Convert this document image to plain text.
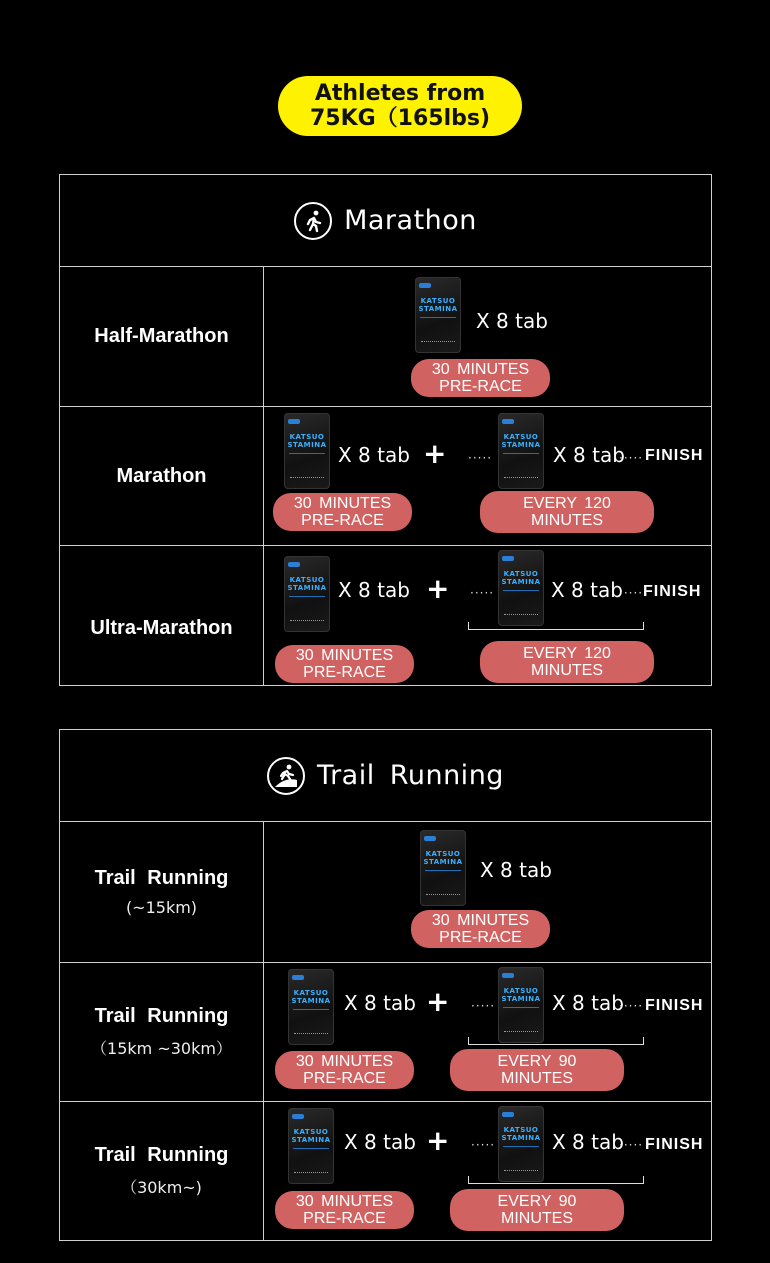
Athletes from
75KG（165lbs)
Marathon
Half-Marathon
KATSUO
STAMINA X 8 tab
30 MINUTES
PRE-RACE
Marathon
KATSUO
STAMINA X 8 tab + ·····
KATSUO
STAMINA X 8 tab
····· FINISH
30 MINUTES
PRE-RACE
EVERY 120
MINUTES
Ultra-Marathon
KATSUO
STAMINA X 8 tab + ·····
KATSUO
STAMINA X 8 tab
····· FINISH
30 MINUTES
PRE-RACE
EVERY 120
MINUTES
Trail Running
Trail Running
(~15km)
KATSUO
STAMINA X 8 tab
30 MINUTES
PRE-RACE
Trail Running
（15km ~30km）
KATSUO
STAMINA X 8 tab + ·····
KATSUO
STAMINA X 8 tab
····· FINISH
30 MINUTES
PRE-RACE
EVERY 90
MINUTES
Trail Running
（30km~)
KATSUO
STAMINA X 8 tab + ·····
KATSUO
STAMINA X 8 tab
····· FINISH
30 MINUTES
PRE-RACE
EVERY 90
MINUTES
